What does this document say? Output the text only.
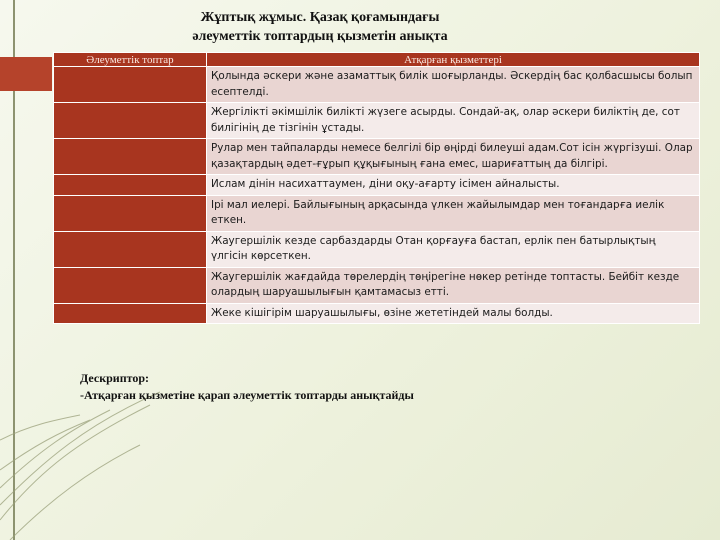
Жұптық жұмыс. Қазақ қоғамындағы
әлеуметтік топтардың қызметін анықта
Әлеуметтік топтар	Атқарған қызметтері
	Қолында әскери және азаматтық билік шоғырланды. Әскердің бас қолбасшысы болып есептелді.
	Жергілікті әкімшілік билікті жүзеге асырды. Сондай-ақ, олар әскери биліктің де, сот билігінің де тізгінін ұстады.
	Рулар мен тайпаларды немесе белгілі бір өңірді билеуші адам.Сот ісін жүргізуші. Олар қазақтардың әдет-ғұрып құқығының ғана емес, шариғаттың да білгірі.
	Ислам дінін насихаттаумен, діни оқу-ағарту ісімен айналысты.
	Ірі мал иелері. Байлығының арқасында үлкен жайылымдар мен тоғандарға иелік еткен.
	Жаугершілік кезде сарбаздарды Отан қорғауға бастап, ерлік пен батырлықтың үлгісін көрсеткен.
	Жаугершілік жағдайда төрелердің төңірегіне нөкер ретінде топтасты. Бейбіт кезде олардың шаруашылығын қамтамасыз етті.
	Жеке кішігірім шаруашылығы, өзіне жететіндей малы болды.
Дескриптор:
-Атқарған қызметіне қарап әлеуметтік топтарды анықтайды
